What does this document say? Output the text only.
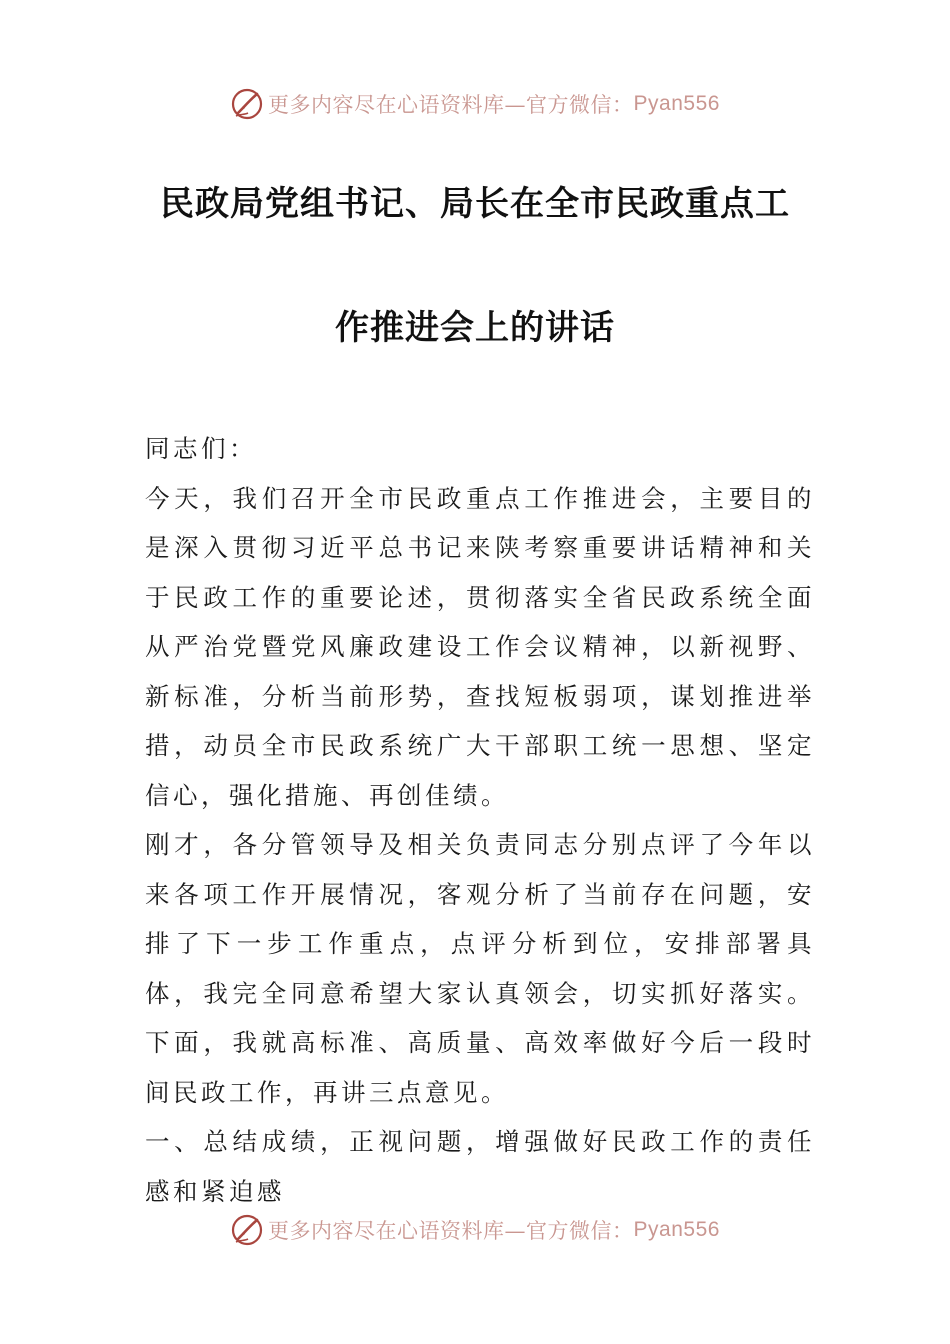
更多内容尽在心语资料库—官方微信： Pyan556
民政局党组书记、局长在全市民政重点工
作推进会上的讲话

同志们：

今天，我们召开全市民政重点工作推进会，主要目的是深入贯彻习近平总书记来陕考察重要讲话精神和关于民政工作的重要论述，贯彻落实全省民政系统全面从严治党暨党风廉政建设工作会议精神，以新视野、新标准，分析当前形势，查找短板弱项，谋划推进举措，动员全市民政系统广大干部职工统一思想、坚定信心，强化措施、再创佳绩。

刚才，各分管领导及相关负责同志分别点评了今年以来各项工作开展情况，客观分析了当前存在问题，安排了下一步工作重点，点评分析到位，安排部署具体，我完全同意希望大家认真领会，切实抓好落实。下面，我就高标准、高质量、高效率做好今后一段时间民政工作，再讲三点意见。

一、总结成绩，正视问题，增强做好民政工作的责任感和紧迫感

更多内容尽在心语资料库—官方微信： Pyan556
